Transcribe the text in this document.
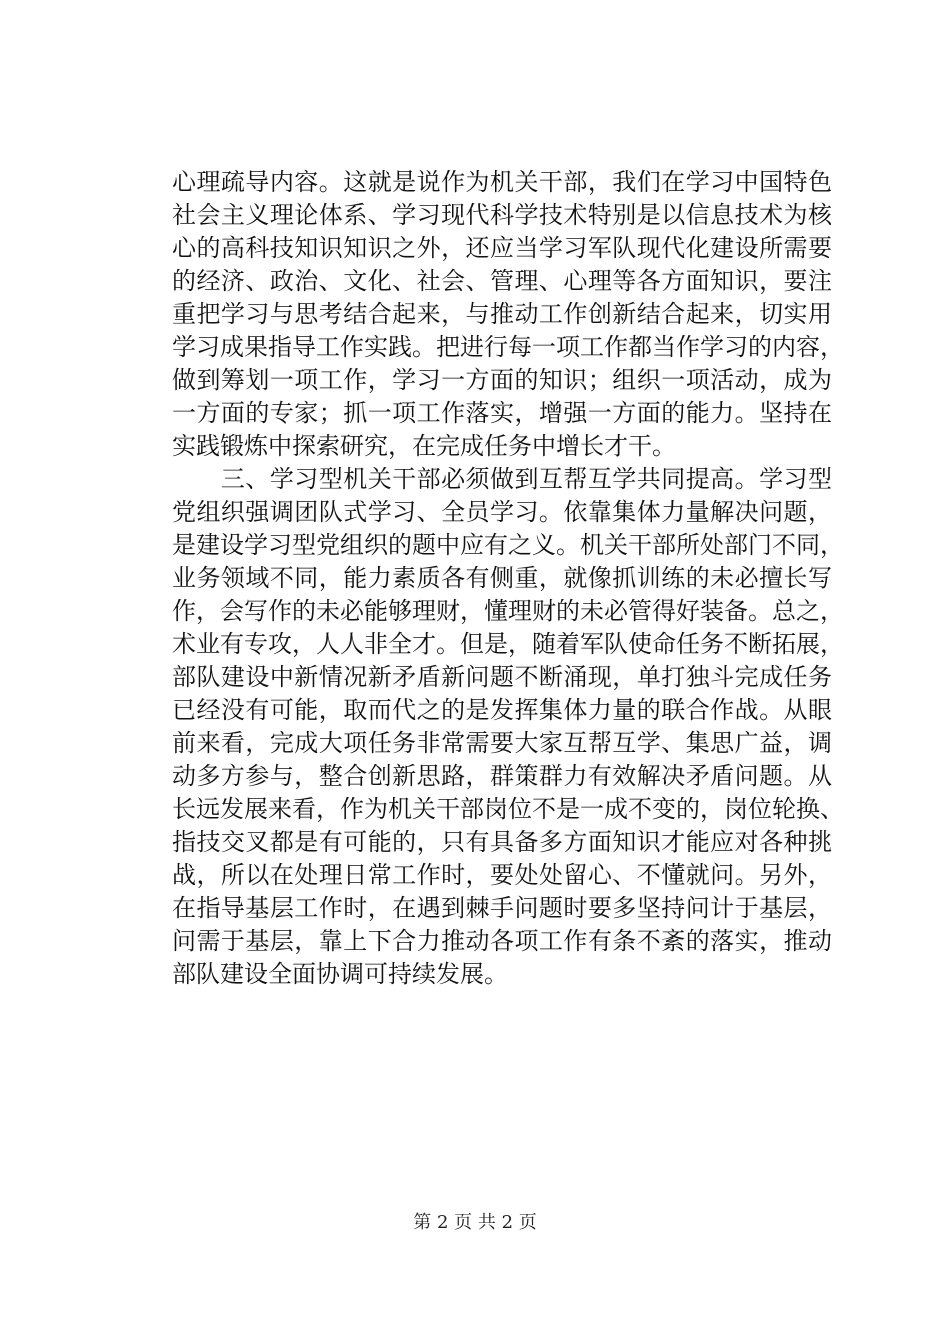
心理疏导内容。这就是说作为机关干部，我们在学习中国特色
社会主义理论体系、学习现代科学技术特别是以信息技术为核
心的高科技知识知识之外，还应当学习军队现代化建设所需要
的经济、政治、文化、社会、管理、心理等各方面知识，要注
重把学习与思考结合起来，与推动工作创新结合起来，切实用
学习成果指导工作实践。把进行每一项工作都当作学习的内容，
做到筹划一项工作，学习一方面的知识；组织一项活动，成为
一方面的专家；抓一项工作落实，增强一方面的能力。坚持在
实践锻炼中探索研究，在完成任务中增长才干。
　　三、学习型机关干部必须做到互帮互学共同提高。学习型
党组织强调团队式学习、全员学习。依靠集体力量解决问题，
是建设学习型党组织的题中应有之义。机关干部所处部门不同，
业务领域不同，能力素质各有侧重，就像抓训练的未必擅长写
作，会写作的未必能够理财，懂理财的未必管得好装备。总之，
术业有专攻，人人非全才。但是，随着军队使命任务不断拓展，
部队建设中新情况新矛盾新问题不断涌现，单打独斗完成任务
已经没有可能，取而代之的是发挥集体力量的联合作战。从眼
前来看，完成大项任务非常需要大家互帮互学、集思广益，调
动多方参与，整合创新思路，群策群力有效解决矛盾问题。从
长远发展来看，作为机关干部岗位不是一成不变的，岗位轮换、
指技交叉都是有可能的，只有具备多方面知识才能应对各种挑
战，所以在处理日常工作时，要处处留心、不懂就问。另外，
在指导基层工作时，在遇到棘手问题时要多坚持问计于基层，
问需于基层，靠上下合力推动各项工作有条不紊的落实，推动
部队建设全面协调可持续发展。
第 2 页 共 2 页
